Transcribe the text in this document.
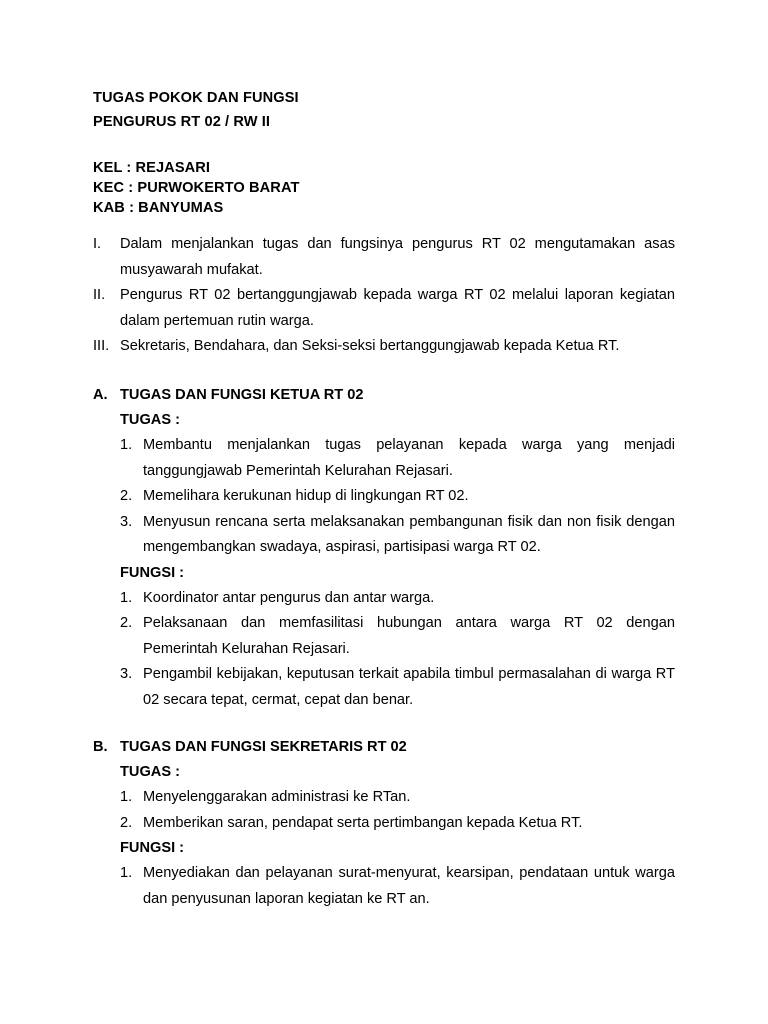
TUGAS POKOK DAN FUNGSI
PENGURUS RT 02 / RW II
KEL : REJASARI
KEC : PURWOKERTO BARAT
KAB : BANYUMAS
I. Dalam menjalankan tugas dan fungsinya pengurus RT 02 mengutamakan asas musyawarah mufakat.
II. Pengurus RT 02 bertanggungjawab kepada warga RT 02 melalui laporan kegiatan dalam pertemuan rutin warga.
III. Sekretaris, Bendahara, dan Seksi-seksi bertanggungjawab kepada Ketua RT.
A. TUGAS DAN FUNGSI KETUA RT 02
TUGAS :
1. Membantu menjalankan tugas pelayanan kepada warga yang menjadi tanggungjawab Pemerintah Kelurahan Rejasari.
2. Memelihara kerukunan hidup di lingkungan RT 02.
3. Menyusun rencana serta melaksanakan pembangunan fisik dan non fisik dengan mengembangkan swadaya, aspirasi, partisipasi warga RT 02.
FUNGSI :
1. Koordinator antar pengurus dan antar warga.
2. Pelaksanaan dan memfasilitasi hubungan antara warga RT 02 dengan Pemerintah Kelurahan Rejasari.
3. Pengambil kebijakan, keputusan terkait apabila timbul permasalahan di warga RT 02 secara tepat, cermat, cepat dan benar.
B. TUGAS DAN FUNGSI SEKRETARIS RT 02
TUGAS :
1. Menyelenggarakan administrasi ke RTan.
2. Memberikan saran, pendapat serta pertimbangan kepada Ketua RT.
FUNGSI :
1. Menyediakan dan pelayanan surat-menyurat, kearsipan, pendataan untuk warga dan penyusunan laporan kegiatan ke RT an.
